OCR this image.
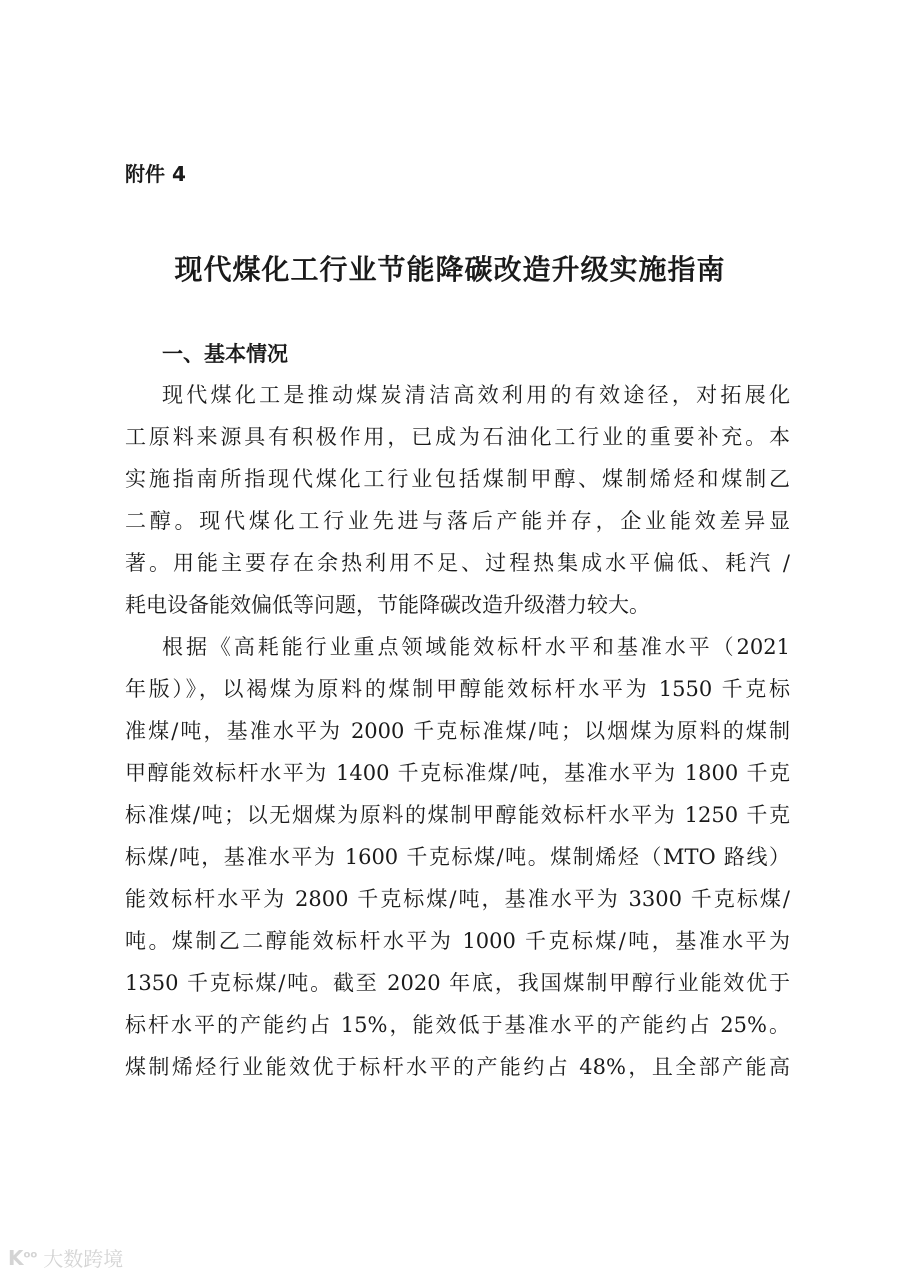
附件 4
现代煤化工行业节能降碳改造升级实施指南
一、基本情况
现代煤化工是推动煤炭清洁高效利用的有效途径，对拓展化
工原料来源具有积极作用，已成为石油化工行业的重要补充。本
实施指南所指现代煤化工行业包括煤制甲醇、煤制烯烃和煤制乙
二醇。现代煤化工行业先进与落后产能并存，企业能效差异显
著。用能主要存在余热利用不足、过程热集成水平偏低、耗汽 /
耗电设备能效偏低等问题，节能降碳改造升级潜力较大。
根据《高耗能行业重点领域能效标杆水平和基准水平（2021
年版）》，以褐煤为原料的煤制甲醇能效标杆水平为 1550 千克标
准煤/吨，基准水平为 2000 千克标准煤/吨；以烟煤为原料的煤制
甲醇能效标杆水平为 1400 千克标准煤/吨，基准水平为 1800 千克
标准煤/吨；以无烟煤为原料的煤制甲醇能效标杆水平为 1250 千克
标煤/吨，基准水平为 1600 千克标煤/吨。煤制烯烃（MTO 路线）
能效标杆水平为 2800 千克标煤/吨，基准水平为 3300 千克标煤/
吨。煤制乙二醇能效标杆水平为 1000 千克标煤/吨，基准水平为
1350 千克标煤/吨。截至 2020 年底，我国煤制甲醇行业能效优于
标杆水平的产能约占 15%，能效低于基准水平的产能约占 25%。
煤制烯烃行业能效优于标杆水平的产能约占 48%，且全部产能高
$K^{oo}$ 大数跨境
